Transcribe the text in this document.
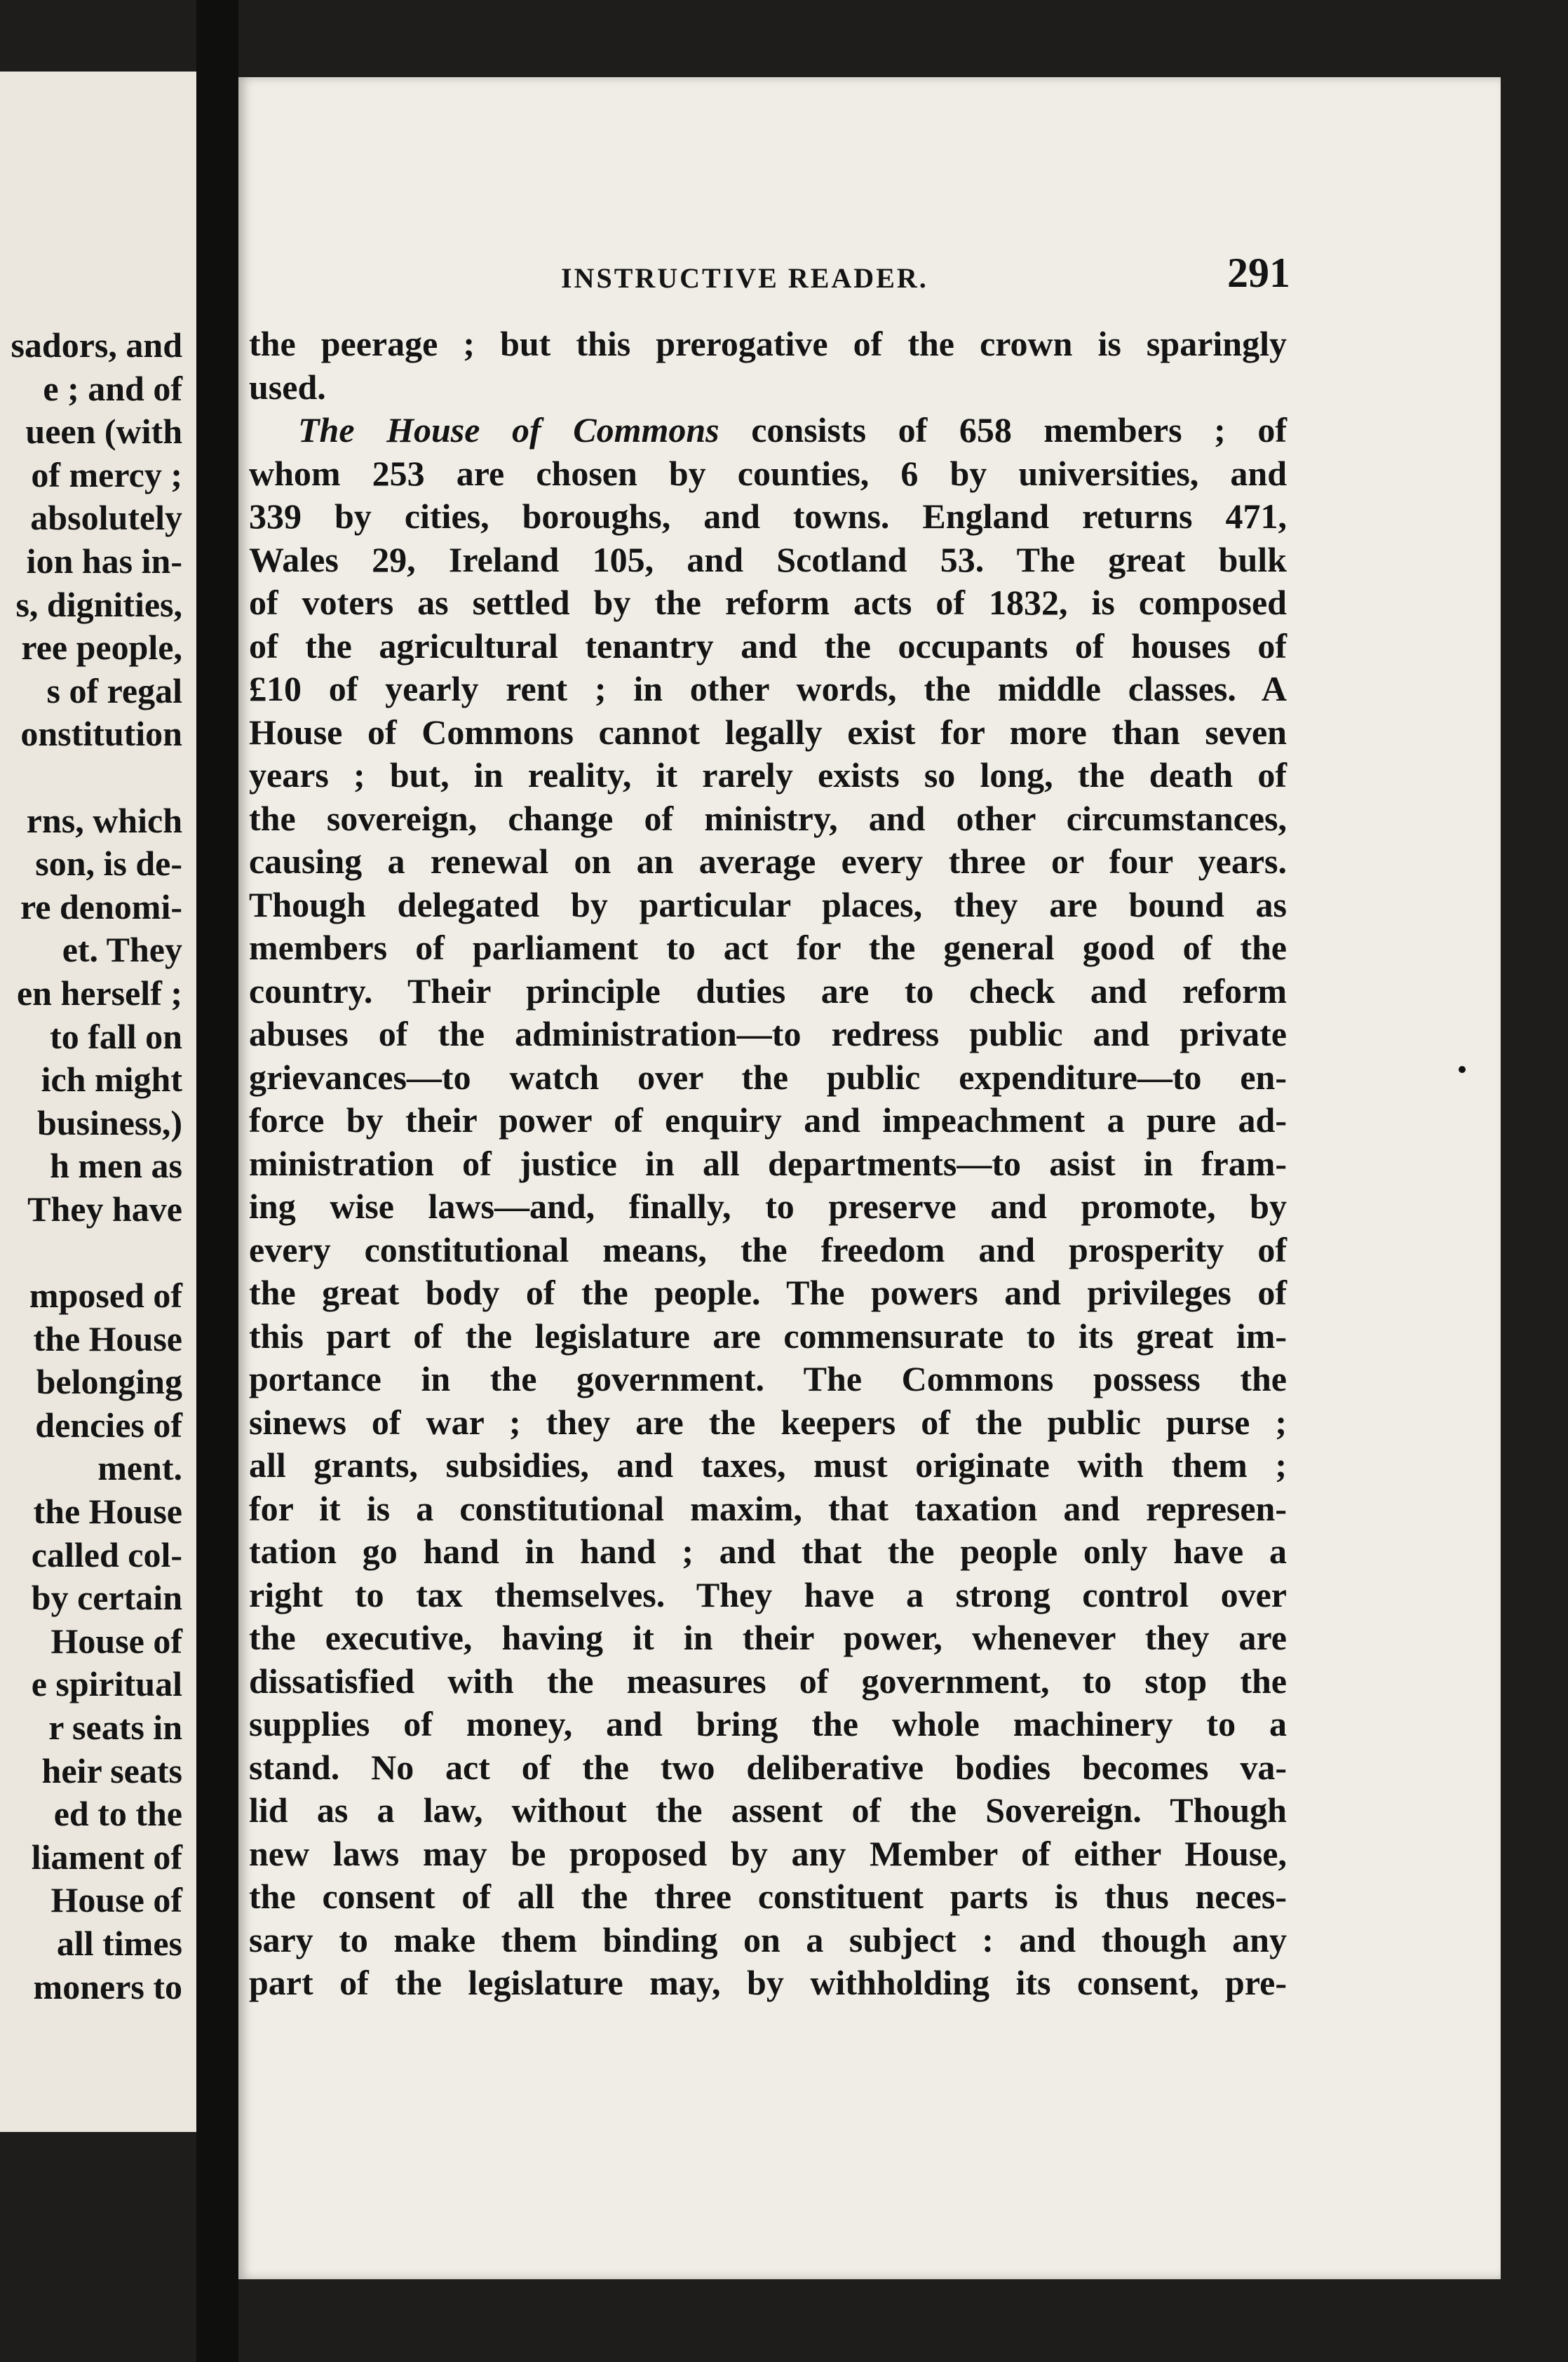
sadors, and
e ; and of
ueen (with
of mercy ;
absolutely
ion has in-
s, dignities,
ree people,
s of regal
onstitution
rns, which
son, is de-
re denomi-
et. They
en herself ;
to fall on
ich might
business,)
h men as
They have
mposed of
the House
belonging
dencies of
ment.
the House
called col-
by certain
House of
e spiritual
r seats in
heir seats
ed to the
liament of
House of
all times
moners to
INSTRUCTIVE READER.	291
the peerage ; but this prerogative of the crown is sparingly
used.
The House of Commons consists of 658 members ; of
whom 253 are chosen by counties, 6 by universities, and
339 by cities, boroughs, and towns. England returns 471,
Wales 29, Ireland 105, and Scotland 53. The great bulk
of voters as settled by the reform acts of 1832, is composed
of the agricultural tenantry and the occupants of houses of
£10 of yearly rent ; in other words, the middle classes. A
House of Commons cannot legally exist for more than seven
years ; but, in reality, it rarely exists so long, the death of
the sovereign, change of ministry, and other circumstances,
causing a renewal on an average every three or four years.
Though delegated by particular places, they are bound as
members of parliament to act for the general good of the
country. Their principle duties are to check and reform
abuses of the administration—to redress public and private
grievances—to watch over the public expenditure—to en-
force by their power of enquiry and impeachment a pure ad-
ministration of justice in all departments—to asist in fram-
ing wise laws—and, finally, to preserve and promote, by
every constitutional means, the freedom and prosperity of
the great body of the people. The powers and privileges of
this part of the legislature are commensurate to its great im-
portance in the government. The Commons possess the
sinews of war ; they are the keepers of the public purse ;
all grants, subsidies, and taxes, must originate with them ;
for it is a constitutional maxim, that taxation and represen-
tation go hand in hand ; and that the people only have a
right to tax themselves. They have a strong control over
the executive, having it in their power, whenever they are
dissatisfied with the measures of government, to stop the
supplies of money, and bring the whole machinery to a
stand. No act of the two deliberative bodies becomes va-
lid as a law, without the assent of the Sovereign. Though
new laws may be proposed by any Member of either House,
the consent of all the three constituent parts is thus neces-
sary to make them binding on a subject : and though any
part of the legislature may, by withholding its consent, pre-
